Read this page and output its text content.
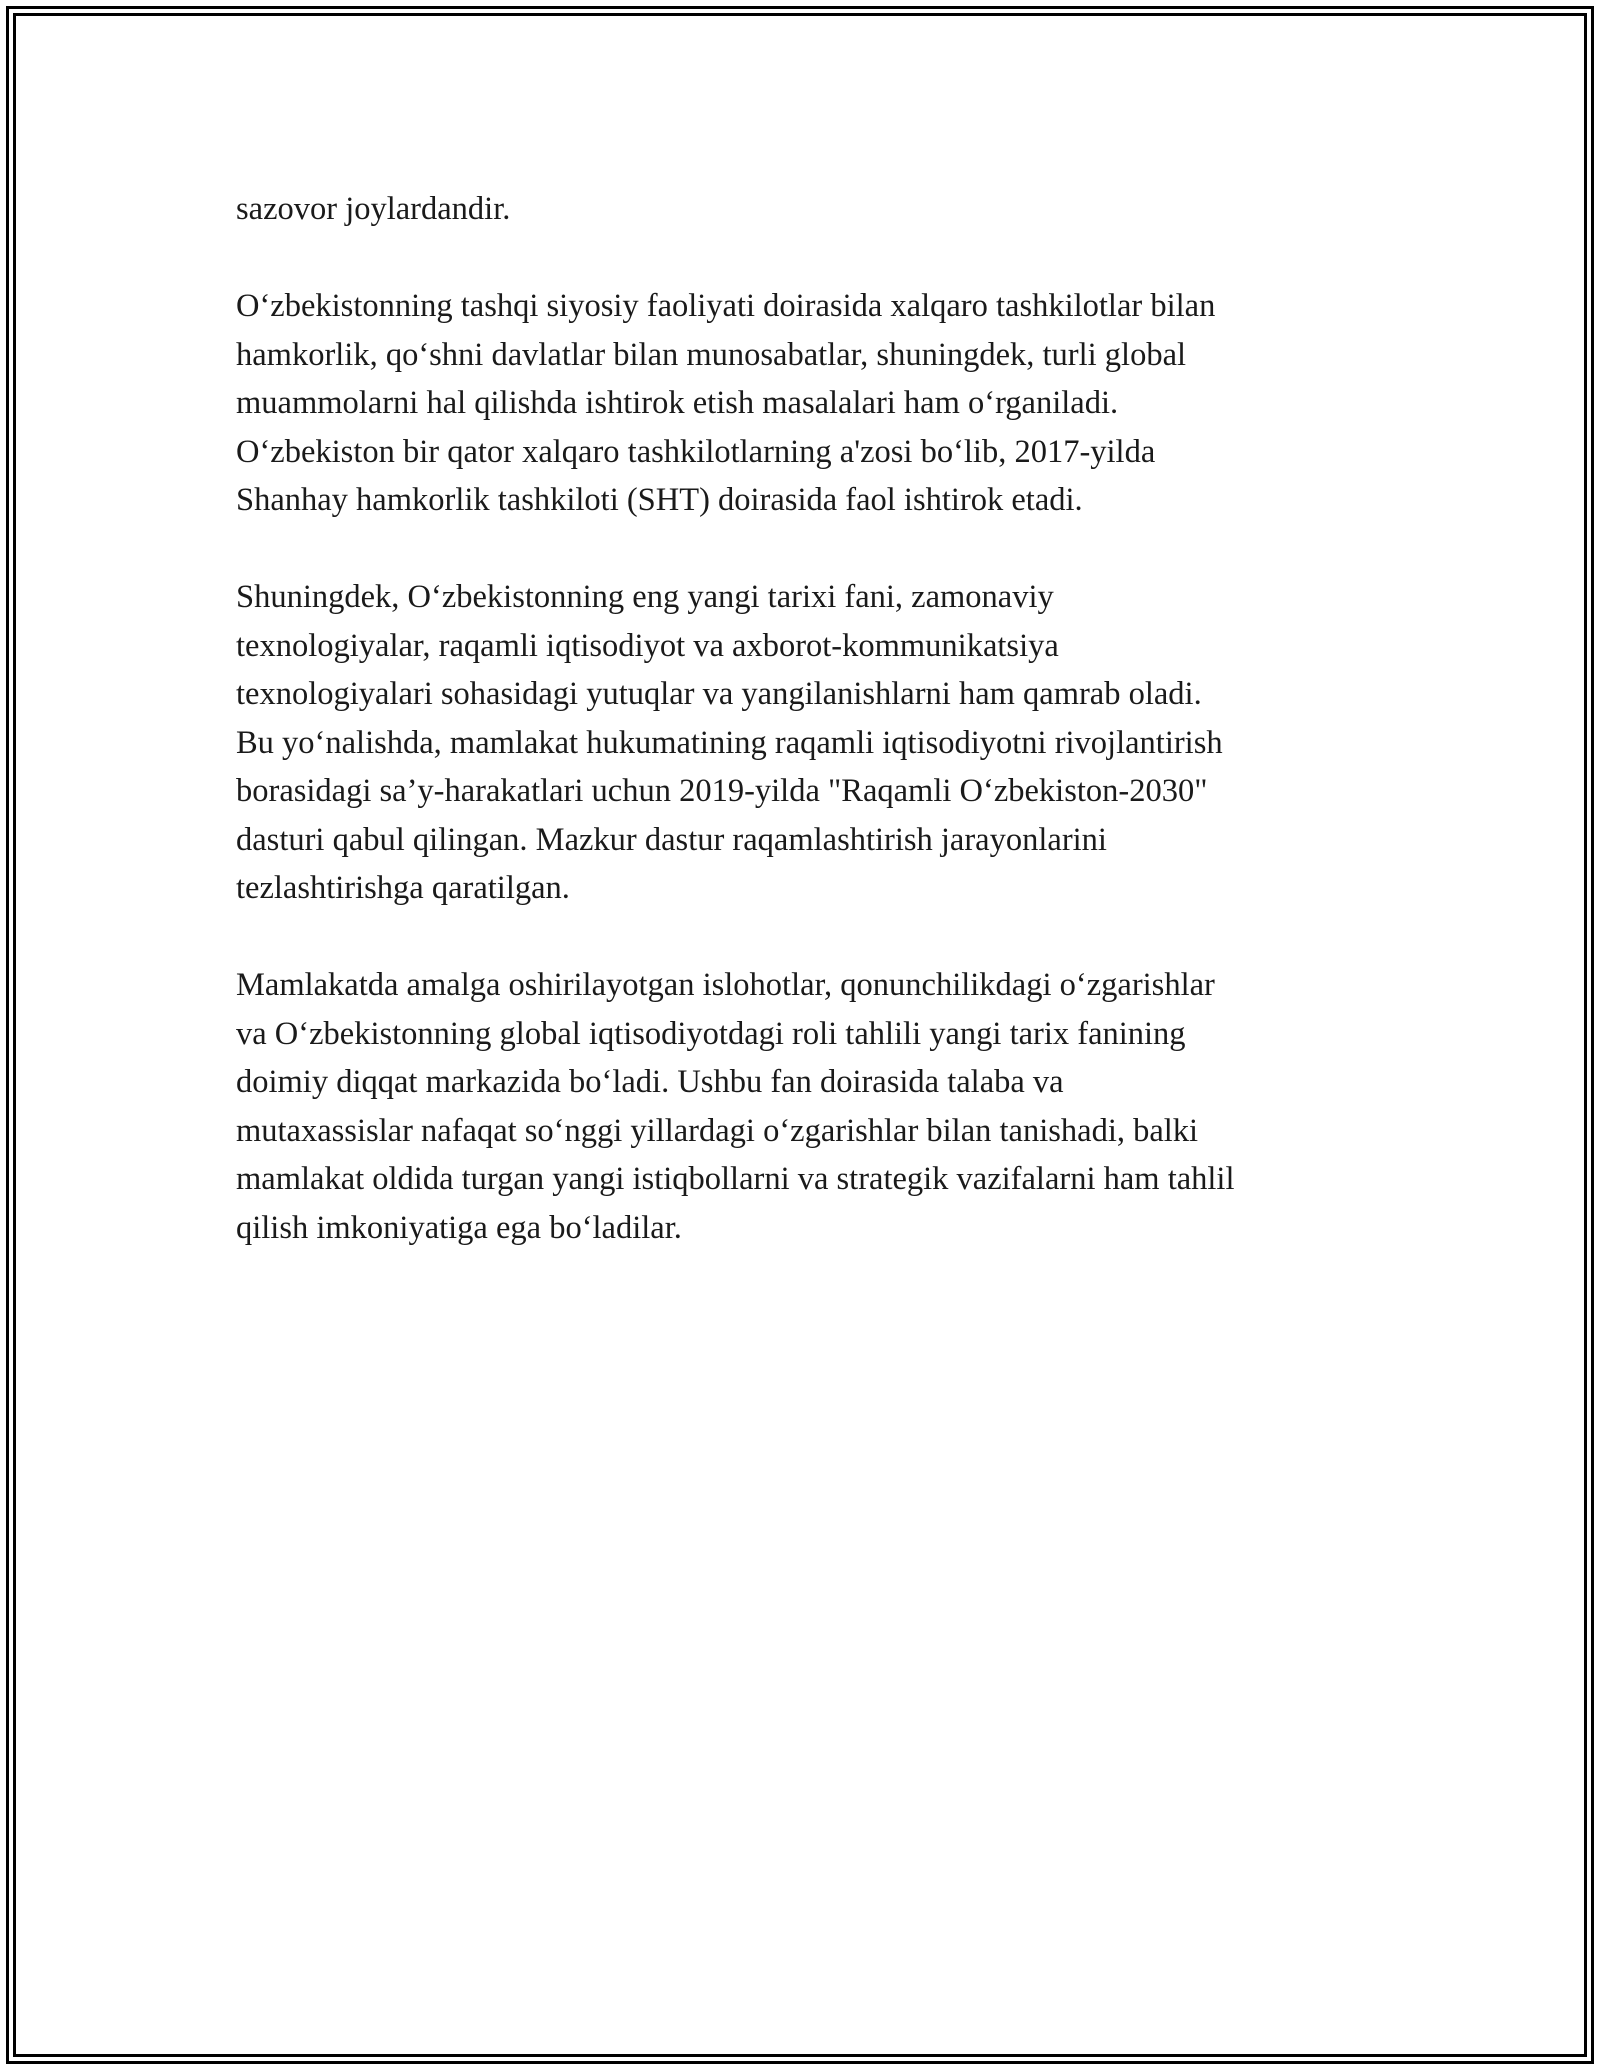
sazovor joylardandir.

O‘zbekistonning tashqi siyosiy faoliyati doirasida xalqaro tashkilotlar bilan
hamkorlik, qo‘shni davlatlar bilan munosabatlar, shuningdek, turli global
muammolarni hal qilishda ishtirok etish masalalari ham o‘rganiladi.
O‘zbekiston bir qator xalqaro tashkilotlarning a'zosi bo‘lib, 2017-yilda
Shanhay hamkorlik tashkiloti (SHT) doirasida faol ishtirok etadi.

Shuningdek, O‘zbekistonning eng yangi tarixi fani, zamonaviy
texnologiyalar, raqamli iqtisodiyot va axborot-kommunikatsiya
texnologiyalari sohasidagi yutuqlar va yangilanishlarni ham qamrab oladi.
Bu yo‘nalishda, mamlakat hukumatining raqamli iqtisodiyotni rivojlantirish
borasidagi sa’y-harakatlari uchun 2019-yilda "Raqamli O‘zbekiston-2030"
dasturi qabul qilingan. Mazkur dastur raqamlashtirish jarayonlarini
tezlashtirishga qaratilgan.

Mamlakatda amalga oshirilayotgan islohotlar, qonunchilikdagi o‘zgarishlar
va O‘zbekistonning global iqtisodiyotdagi roli tahlili yangi tarix fanining
doimiy diqqat markazida bo‘ladi. Ushbu fan doirasida talaba va
mutaxassislar nafaqat so‘nggi yillardagi o‘zgarishlar bilan tanishadi, balki
mamlakat oldida turgan yangi istiqbollarni va strategik vazifalarni ham tahlil
qilish imkoniyatiga ega bo‘ladilar.
